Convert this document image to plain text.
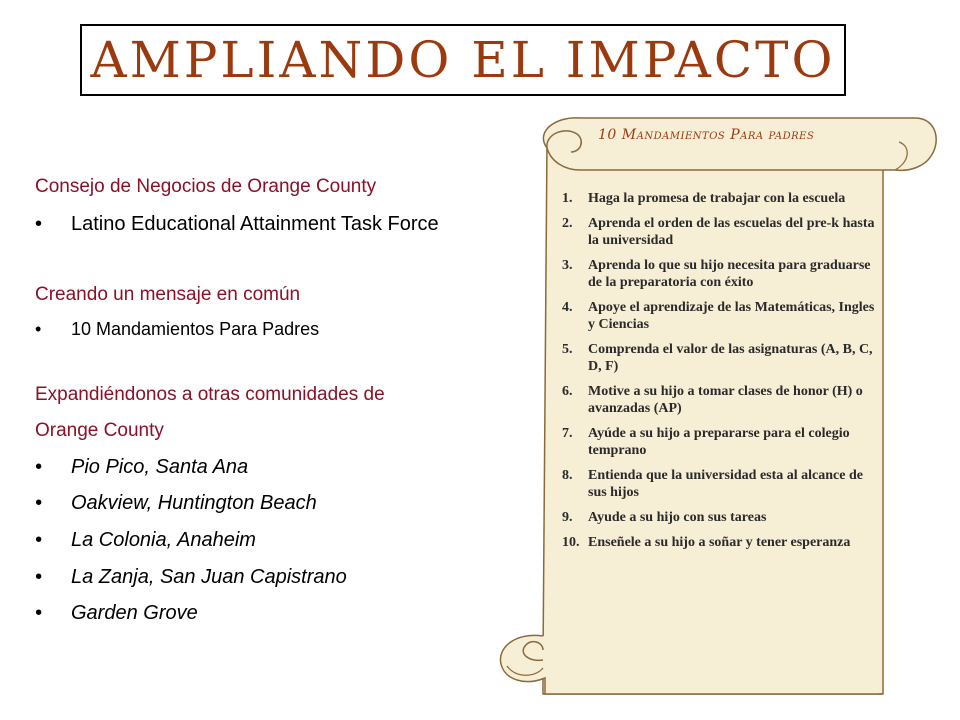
AMPLIANDO EL IMPACTO
Consejo de Negocios de Orange County
• Latino Educational Attainment Task Force
Creando un mensaje en común
• 10 Mandamientos Para Padres
Expandiéndonos a otras comunidades de
Orange County
• Pio Pico, Santa Ana
• Oakview, Huntington Beach
• La Colonia, Anaheim
• La Zanja, San Juan Capistrano
• Garden Grove
10 Mandamientos Para padres
1.	Haga la promesa de trabajar con la escuela
2.	Aprenda el orden de las escuelas del pre-k hasta la universidad
3.	Aprenda lo que su hijo necesita para graduarse de la preparatoria con éxito
4.	Apoye el aprendizaje de las Matemáticas, Ingles y Ciencias
5.	Comprenda el valor de las asignaturas (A, B, C, D, F)
6.	Motive a su hijo a tomar clases de honor (H) o avanzadas (AP)
7.	Ayúde a su hijo a prepararse para el colegio temprano
8.	Entienda que la universidad esta al alcance de sus hijos
9.	Ayude a su hijo con sus tareas
10. Enseñele a su hijo a soñar y tener esperanza
